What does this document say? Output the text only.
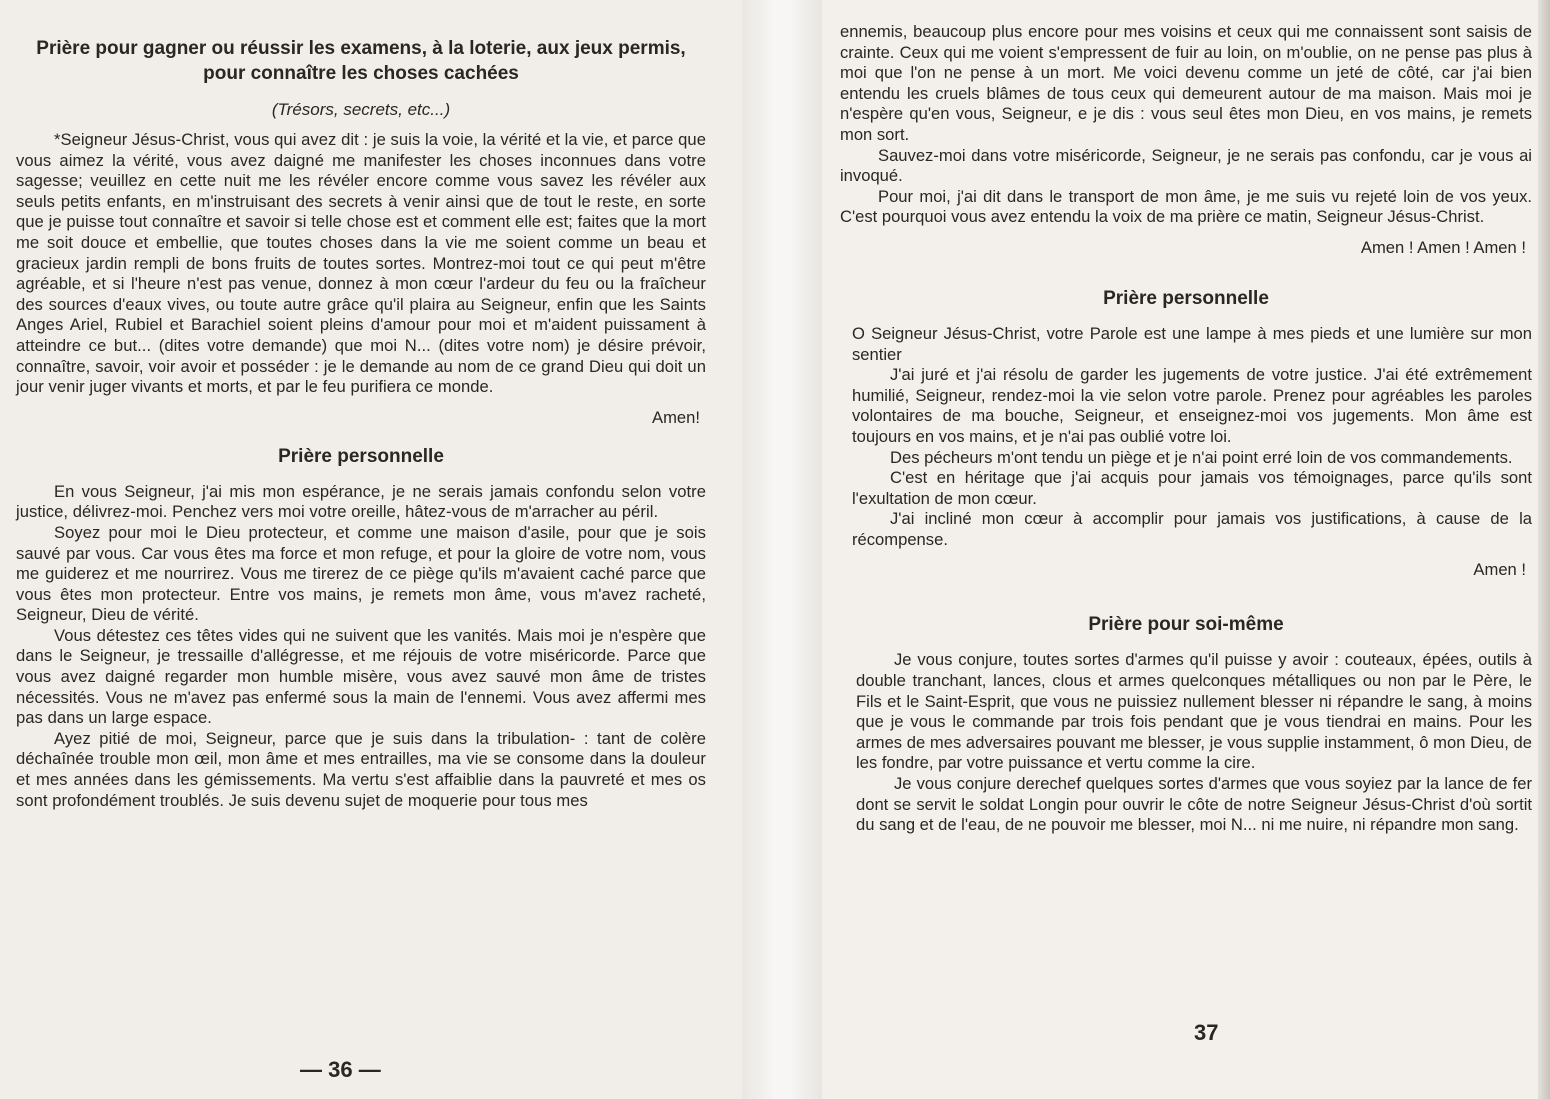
Prière pour gagner ou réussir les examens, à la loterie, aux jeux permis, pour connaître les choses cachées
(Trésors, secrets, etc...)

*Seigneur Jésus-Christ, vous qui avez dit : je suis la voie, la vérité et la vie, et parce que vous aimez la vérité, vous avez daigné me manifester les choses inconnues dans votre sagesse; veuillez en cette nuit me les révéler encore comme vous savez les révéler aux seuls petits enfants, en m'instruisant des secrets à venir ainsi que de tout le reste, en sorte que je puisse tout connaître et savoir si telle chose est et comment elle est; faites que la mort me soit douce et embellie, que toutes choses dans la vie me soient comme un beau et gracieux jardin rempli de bons fruits de toutes sortes. Montrez-moi tout ce qui peut m'être agréable, et si l'heure n'est pas venue, donnez à mon cœur l'ardeur du feu ou la fraîcheur des sources d'eaux vives, ou toute autre grâce qu'il plaira au Seigneur, enfin que les Saints Anges Ariel, Rubiel et Barachiel soient pleins d'amour pour moi et m'aident puissament à atteindre ce but... (dites votre demande) que moi N... (dites votre nom) je désire prévoir, connaître, savoir, voir avoir et posséder : je le demande au nom de ce grand Dieu qui doit un jour venir juger vivants et morts, et par le feu purifiera ce monde.

Amen!
Prière personnelle

En vous Seigneur, j'ai mis mon espérance, je ne serais jamais confondu selon votre justice, délivrez-moi. Penchez vers moi votre oreille, hâtez-vous de m'arracher au péril.

Soyez pour moi le Dieu protecteur, et comme une maison d'asile, pour que je sois sauvé par vous. Car vous êtes ma force et mon refuge, et pour la gloire de votre nom, vous me guiderez et me nourrirez. Vous me tirerez de ce piège qu'ils m'avaient caché parce que vous êtes mon protecteur. Entre vos mains, je remets mon âme, vous m'avez racheté, Seigneur, Dieu de vérité.

Vous détestez ces têtes vides qui ne suivent que les vanités. Mais moi je n'espère que dans le Seigneur, je tressaille d'allégresse, et me réjouis de votre miséricorde. Parce que vous avez daigné regarder mon humble misère, vous avez sauvé mon âme de tristes nécessités. Vous ne m'avez pas enfermé sous la main de l'ennemi. Vous avez affermi mes pas dans un large espace.

Ayez pitié de moi, Seigneur, parce que je suis dans la tribulation- : tant de colère déchaînée trouble mon œil, mon âme et mes entrailles, ma vie se consome dans la douleur et mes années dans les gémissements. Ma vertu s'est affaiblie dans la pauvreté et mes os sont profondément troublés. Je suis devenu sujet de moquerie pour tous mes

— 36 —

ennemis, beaucoup plus encore pour mes voisins et ceux qui me connaissent sont saisis de crainte. Ceux qui me voient s'empressent de fuir au loin, on m'oublie, on ne pense pas plus à moi que l'on ne pense à un mort. Me voici devenu comme un jeté de côté, car j'ai bien entendu les cruels blâmes de tous ceux qui demeurent autour de ma maison. Mais moi je n'espère qu'en vous, Seigneur, e je dis : vous seul êtes mon Dieu, en vos mains, je remets mon sort.

Sauvez-moi dans votre miséricorde, Seigneur, je ne serais pas confondu, car je vous ai invoqué.

Pour moi, j'ai dit dans le transport de mon âme, je me suis vu rejeté loin de vos yeux. C'est pourquoi vous avez entendu la voix de ma prière ce matin, Seigneur Jésus-Christ.

Amen ! Amen ! Amen !
Prière personnelle

O Seigneur Jésus-Christ, votre Parole est une lampe à mes pieds et une lumière sur mon sentier

J'ai juré et j'ai résolu de garder les jugements de votre justice. J'ai été extrêmement humilié, Seigneur, rendez-moi la vie selon votre parole. Prenez pour agréables les paroles volontaires de ma bouche, Seigneur, et enseignez-moi vos jugements. Mon âme est toujours en vos mains, et je n'ai pas oublié votre loi.

Des pécheurs m'ont tendu un piège et je n'ai point erré loin de vos commandements.

C'est en héritage que j'ai acquis pour jamais vos témoignages, parce qu'ils sont l'exultation de mon cœur.

J'ai incliné mon cœur à accomplir pour jamais vos justifications, à cause de la récompense.

Amen !
Prière pour soi-même

Je vous conjure, toutes sortes d'armes qu'il puisse y avoir : couteaux, épées, outils à double tranchant, lances, clous et armes quelconques métalliques ou non par le Père, le Fils et le Saint-Esprit, que vous ne puissiez nullement blesser ni répandre le sang, à moins que je vous le commande par trois fois pendant que je vous tiendrai en mains. Pour les armes de mes adversaires pouvant me blesser, je vous supplie instamment, ô mon Dieu, de les fondre, par votre puissance et vertu comme la cire.

Je vous conjure derechef quelques sortes d'armes que vous soyiez par la lance de fer dont se servit le soldat Longin pour ouvrir le côte de notre Seigneur Jésus-Christ d'où sortit du sang et de l'eau, de ne pouvoir me blesser, moi N... ni me nuire, ni répandre mon sang.

37
